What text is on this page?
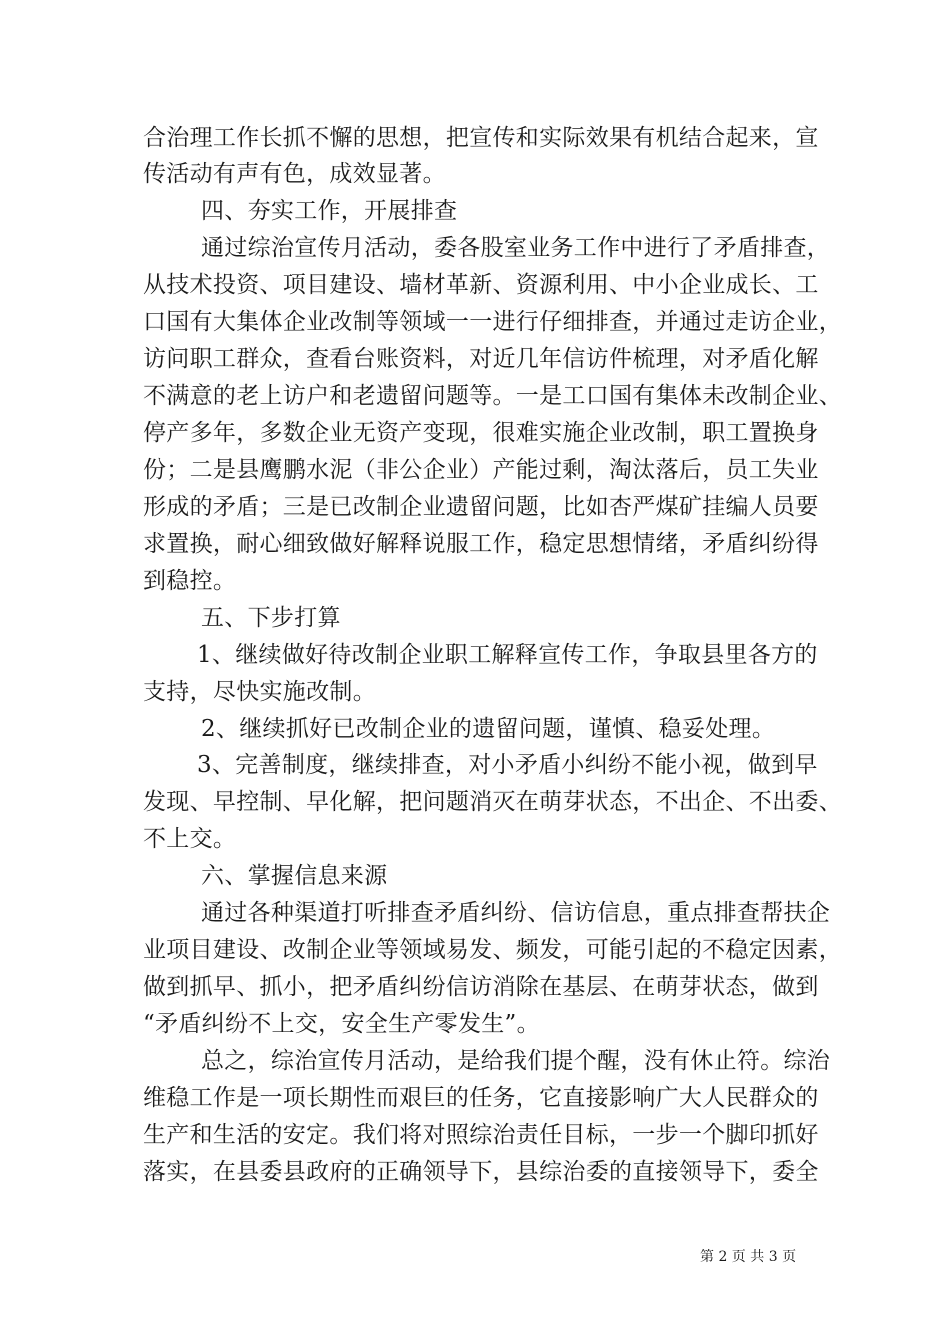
合治理工作长抓不懈的思想，把宣传和实际效果有机结合起来，宣
传活动有声有色，成效显著。
四、夯实工作，开展排查
通过综治宣传月活动，委各股室业务工作中进行了矛盾排查，
从技术投资、项目建设、墙材革新、资源利用、中小企业成长、工
口国有大集体企业改制等领域一一进行仔细排查，并通过走访企业，
访问职工群众，查看台账资料，对近几年信访件梳理，对矛盾化解
不满意的老上访户和老遗留问题等。一是工口国有集体未改制企业、
停产多年，多数企业无资产变现，很难实施企业改制，职工置换身
份；二是县鹰鹏水泥（非公企业）产能过剩，淘汰落后，员工失业
形成的矛盾；三是已改制企业遗留问题，比如杏严煤矿挂编人员要
求置换，耐心细致做好解释说服工作，稳定思想情绪，矛盾纠纷得
到稳控。
五、下步打算
1、继续做好待改制企业职工解释宣传工作，争取县里各方的
支持，尽快实施改制。
2、继续抓好已改制企业的遗留问题，谨慎、稳妥处理。
3、完善制度，继续排查，对小矛盾小纠纷不能小视，做到早
发现、早控制、早化解，把问题消灭在萌芽状态，不出企、不出委、
不上交。
六、掌握信息来源
通过各种渠道打听排查矛盾纠纷、信访信息，重点排查帮扶企
业项目建设、改制企业等领域易发、频发，可能引起的不稳定因素，
做到抓早、抓小，把矛盾纠纷信访消除在基层、在萌芽状态，做到
“矛盾纠纷不上交，安全生产零发生”。
总之，综治宣传月活动，是给我们提个醒，没有休止符。综治
维稳工作是一项长期性而艰巨的任务，它直接影响广大人民群众的
生产和生活的安定。我们将对照综治责任目标，一步一个脚印抓好
落实，在县委县政府的正确领导下，县综治委的直接领导下，委全
第 2 页 共 3 页
